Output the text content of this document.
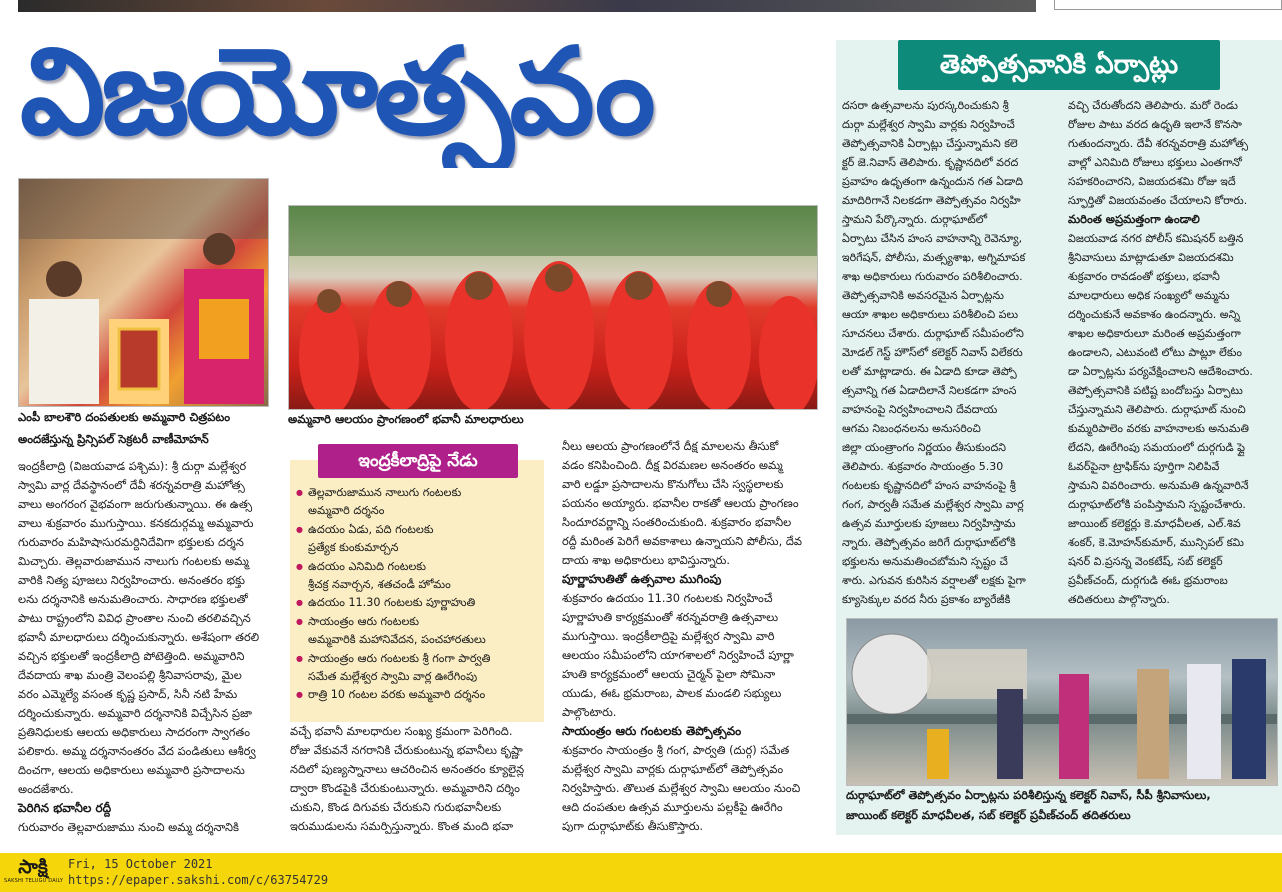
విజయోత్సవం
ఎంపీ బాలశౌరి దంపతులకు అమ్మవారి చిత్రపటం
అందజేస్తున్న ప్రిన్సిపల్‌ సెక్రటరీ వాణీమోహన్‌
అమ్మవారి ఆలయం ప్రాంగణంలో భవానీ మాలధారులు
ఇంద్రకీలాద్రి (విజయవాడ పశ్చిమ): శ్రీ దుర్గా మల్లేశ్వర
స్వామి వార్ల దేవస్థానంలో దేవీ శరన్నవరాత్రి మహోత్స
వాలు అంగరంగ వైభవంగా జరుగుతున్నాయి. ఈ ఉత్స
వాలు శుక్రవారం ముగుస్తాయి. కనకదుర్గమ్మ అమ్మవారు
గురువారం మహిషాసురమర్దినిదేవిగా భక్తులకు దర్శన
మిచ్చారు. తెల్లవారుజామున నాలుగు గంటలకు అమ్మ
వారికి నిత్య పూజలు నిర్వహించారు. అనంతరం భక్తు
లను దర్శనానికి అనుమతించారు. సాధారణ భక్తులతో
పాటు రాష్ట్రంలోని వివిధ ప్రాంతాల నుంచి తరలివచ్చిన
భవానీ మాలధారులు దర్శించుకున్నారు. అశేషంగా తరలి
వచ్చిన భక్తులతో ఇంద్రకీలాద్రి పోటెత్తింది. అమ్మవారిని
దేవదాయ శాఖ మంత్రి వెలంపల్లి శ్రీనివాసరావు, మైల
వరం ఎమ్మెల్యే వసంత కృష్ణ ప్రసాద్‌, సినీ నటి హేమ
దర్శించుకున్నారు. అమ్మవారి దర్శనానికి విచ్చేసిన ప్రజా
ప్రతినిధులకు ఆలయ అధికారులు సాదరంగా స్వాగతం
పలికారు. అమ్మ దర్శనానంతరం వేద పండితులు ఆశీర్వ
దించగా, ఆలయ అధికారులు అమ్మవారి ప్రసాదాలను
అందజేశారు.
పెరిగిన భవానీల రద్దీ
గురువారం తెల్లవారుజాము నుంచి అమ్మ దర్శనానికి
ఇంద్రకీలాద్రిపై నేడు
● తెల్లవారుజామున నాలుగు గంటలకు
అమ్మవారి దర్శనం
● ఉదయం ఏడు, పది గంటలకు
ప్రత్యేక కుంకుమార్చన
● ఉదయం ఎనిమిది గంటలకు
శ్రీచక్ర నవార్చన, శతచండీ హోమం
● ఉదయం 11.30 గంటలకు పూర్ణాహుతి
● సాయంత్రం ఆరు గంటలకు
అమ్మవారికి మహానివేదన, పంచహారతులు
● సాయంత్రం ఆరు గంటలకు శ్రీ గంగా పార్వతి
సమేత మల్లేశ్వర స్వామి వార్ల ఊరేగింపు
● రాత్రి 10 గంటల వరకు అమ్మవారి దర్శనం
వచ్చే భవానీ మాలధారుల సంఖ్య క్రమంగా పెరిగింది.
రోజు వేకువనే నగరానికి చేరుకుంటున్న భవానీలు కృష్ణా
నదిలో పుణ్యస్నానాలు ఆచరించిన అనంతరం క్యూలైన్ల
ద్వారా కొండపైకి చేరుకుంటున్నారు. అమ్మవారిని దర్శిం
చుకుని, కొండ దిగువకు చేరుకుని గురుభవానీలకు
ఇరుముడులను సమర్పిస్తున్నారు. కొంత మంది భవా
నీలు ఆలయ ప్రాంగణంలోనే దీక్ష మాలలను తీసుకో
వడం కనిపించింది. దీక్ష విరమణల అనంతరం అమ్మ
వారి లడ్డూ ప్రసాదాలను కొనుగోలు చేసి స్వస్థలాలకు
పయనం అయ్యారు. భవానీల రాకతో ఆలయ ప్రాంగణం
సిందూరవర్ణాన్ని సంతరించుకుంది. శుక్రవారం భవానీల
రద్దీ మరింత పెరిగే అవకాశాలు ఉన్నాయని పోలీసు, దేవ
దాయ శాఖ అధికారులు భావిస్తున్నారు.
పూర్ణాహుతితో ఉత్సవాల ముగింపు
శుక్రవారం ఉదయం 11.30 గంటలకు నిర్వహించే
పూర్ణాహుతి కార్యక్రమంతో శరన్నవరాత్రి ఉత్సవాలు
ముగుస్తాయి. ఇంద్రకీలాద్రిపై మల్లేశ్వర స్వామి వారి
ఆలయం సమీపంలోని యాగశాలలో నిర్వహించే పూర్ణా
హుతి కార్యక్రమంలో ఆలయ చైర్మన్‌ పైలా సోమినా
యుడు, ఈఓ భ్రమరాంబ, పాలక మండలి సభ్యులు
పాల్గొంటారు.
సాయంత్రం ఆరు గంటలకు తెప్పోత్సవం
శుక్రవారం సాయంత్రం శ్రీ గంగ, పార్వతి (దుర్గ) సమేత
మల్లేశ్వర స్వామి వార్లకు దుర్గాఘాట్‌లో తెప్పోత్సవం
నిర్వహిస్తారు. తొలుత మల్లేశ్వర స్వామి ఆలయం నుంచి
ఆది దంపతుల ఉత్సవ మూర్తులను పల్లకీపై ఊరేగిం
పుగా దుర్గాఘాట్‌కు తీసుకొస్తారు.
తెప్పోత్సవానికి ఏర్పాట్లు
దసరా ఉత్సవాలను పురస్కరించుకుని శ్రీ
దుర్గా మల్లేశ్వర స్వామి వార్లకు నిర్వహించే
తెప్పోత్సవానికి ఏర్పాట్లు చేస్తున్నామని కలె
క్టర్‌ జె.నివాస్‌ తెలిపారు. కృష్ణానదిలో వరద
ప్రవాహం ఉధృతంగా ఉన్నందున గత ఏడాది
మాదిరిగానే నిలకడగా తెప్పోత్సవం నిర్వహి
స్తామని పేర్కొన్నారు. దుర్గాఘాట్‌లో
ఏర్పాటు చేసిన హంస వాహనాన్ని రెవెన్యూ,
ఇరిగేషన్‌, పోలీసు, మత్స్యశాఖ, అగ్నిమాపక
శాఖ అధికారులు గురువారం పరిశీలించారు.
తెప్పోత్సవానికి అవసరమైన ఏర్పాట్లను
ఆయా శాఖల అధికారులు పరిశీలించి పలు
సూచనలు చేశారు. దుర్గాఘాట్‌ సమీపంలోని
మోడల్‌ గెస్ట్‌ హౌస్‌లో కలెక్టర్‌ నివాస్‌ విలేకరు
లతో మాట్లాడారు. ఈ ఏడాది కూడా తెప్పో
త్సవాన్ని గత ఏడాదిలానే నిలకడగా హంస
వాహనంపై నిర్వహించాలని దేవదాయ
ఆగమ నిబంధనలను అనుసరించి
జిల్లా యంత్రాంగం నిర్ణయం తీసుకుందని
తెలిపారు. శుక్రవారం సాయంత్రం 5.30
గంటలకు కృష్ణానదిలో హంస వాహనంపై శ్రీ
గంగ, పార్వతీ సమేత మల్లేశ్వర స్వామి వార్ల
ఉత్సవ మూర్తులకు పూజలు నిర్వహిస్తామ
న్నారు. తెప్పోత్సవం జరిగే దుర్గాఘాట్‌లోకి
భక్తులను అనుమతించబోమని స్పష్టం చే
శారు. ఎగువన కురిసిన వర్షాలతో లక్షకు పైగా
క్యూసెక్కుల వరద నీరు ప్రకాశం బ్యారేజీకి
వచ్చి చేరుతోందని తెలిపారు. మరో రెండు
రోజుల పాటు వరద ఉధృతి ఇలానే కొనసా
గుతుందన్నారు. దేవీ శరన్నవరాత్రి మహోత్స
వాల్లో ఎనిమిది రోజులు భక్తులు ఎంతగానో
సహకరించారని, విజయదశమి రోజు ఇదే
స్ఫూర్తితో విజయవంతం చేయాలని కోరారు.
మరింత అప్రమత్తంగా ఉండాలి
విజయవాడ నగర పోలీస్‌ కమిషనర్‌ బత్తిన
శ్రీనివాసులు మాట్లాడుతూ విజయదశమి
శుక్రవారం రావడంతో భక్తులు, భవానీ
మాలధారులు అధిక సంఖ్యలో అమ్మను
దర్శించుకునే అవకాశం ఉందన్నారు. అన్ని
శాఖల అధికారులూ మరింత అప్రమత్తంగా
ఉండాలని, ఎటువంటి లోటు పాట్లూ లేకుం
డా ఏర్పాట్లను పర్యవేక్షించాలని ఆదేశించారు.
తెప్పోత్సవానికి పటిష్ట బందోబస్తు ఏర్పాటు
చేస్తున్నామని తెలిపారు. దుర్గాఘాట్‌ నుంచి
కుమ్మరిపాలెం వరకు వాహనాలకు అనుమతి
లేదని, ఊరేగింపు సమయంలో దుర్గగుడి ఫ్లై
ఓవర్‌పైనా ట్రాఫిక్‌ను పూర్తిగా నిలిపివే
స్తామని వివరించారు. అనుమతి ఉన్నవారినే
దుర్గాఘాట్‌లోకి పంపిస్తామని స్పష్టంచేశారు.
జాయింట్‌ కలెక్టర్లు కె.మాధవీలత, ఎల్‌.శివ
శంకర్‌, కె.మోహన్‌కుమార్‌, మున్సిపల్‌ కమి
షనర్‌ వి.ప్రసన్న వెంకటేష్‌, సబ్‌ కలెక్టర్‌
ప్రవీణ్‌చంద్‌, దుర్గగుడి ఈఓ భ్రమరాంబ
తదితరులు పాల్గొన్నారు.
దుర్గాఘాట్‌లో తెప్పోత్సవం ఏర్పాట్లను పరిశీలిస్తున్న కలెక్టర్‌ నివాస్‌, సీపీ శ్రీనివాసులు,
జాయింట్‌ కలెక్టర్‌ మాధవీలత, సబ్‌ కలెక్టర్‌ ప్రవీణ్‌చంద్‌ తదితరులు
సాక్షి
SAKSHI TELUGU DAILY
Fri, 15 October 2021
https://epaper.sakshi.com/c/63754729
